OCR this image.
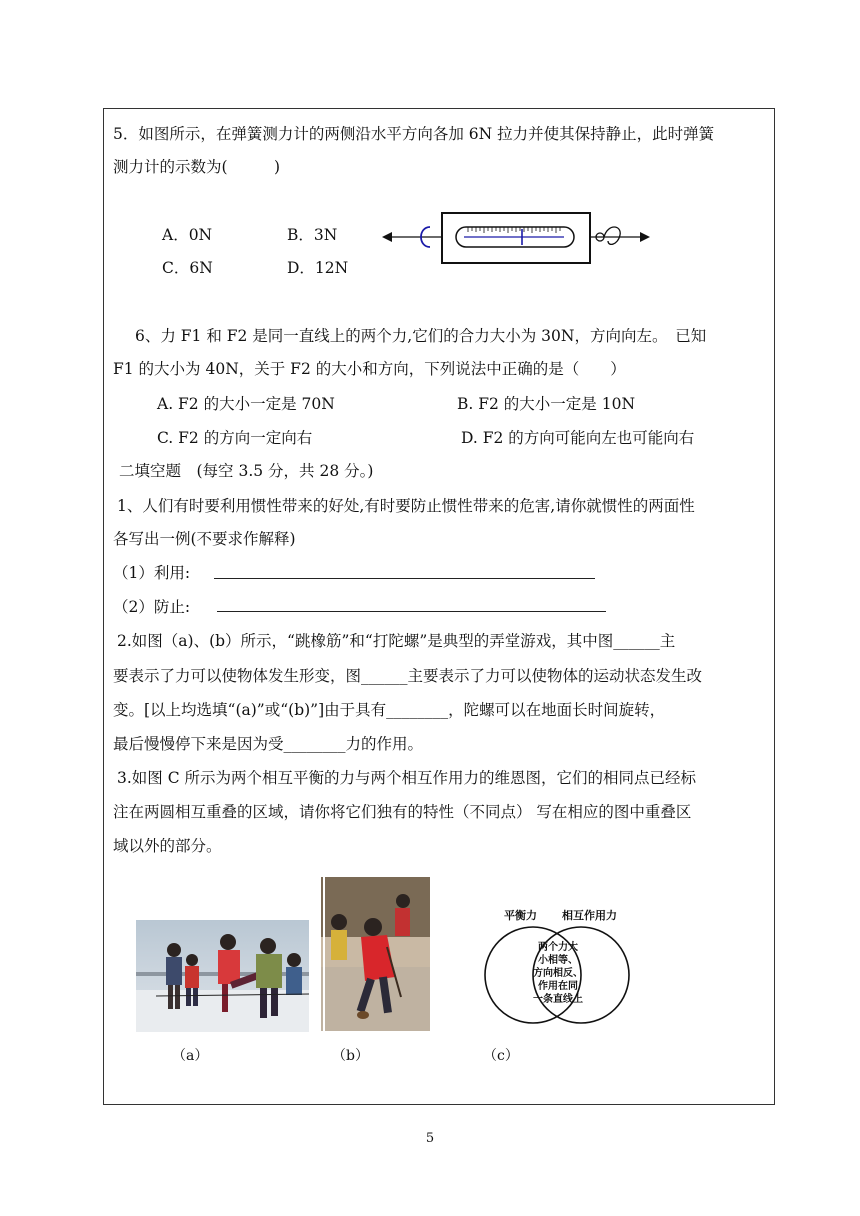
5．如图所示，在弹簧测力计的两侧沿水平方向各加 6N 拉力并使其保持静止，此时弹簧
测力计的示数为(　　　)
A．0N	B．3N
C．6N	D．12N
6、力 F1 和 F2 是同一直线上的两个力,它们的合力大小为 30N，方向向左。　已知
F1 的大小为 40N，关于 F2 的大小和方向，下列说法中正确的是（　　）
A. F2 的大小一定是 70N	B. F2 的大小一定是 10N
C. F2 的方向一定向右	D. F2 的方向可能向左也可能向右
二填空题　(每空 3.5 分，共 28 分。)
1、人们有时要利用惯性带来的好处,有时要防止惯性带来的危害,请你就惯性的两面性
各写出一例(不要求作解释)
（1）利用:
（2）防止:
2.如图（a)、(b）所示，“跳橡筋”和“打陀螺”是典型的弄堂游戏，其中图______主
要表示了力可以使物体发生形变，图______主要表示了力可以使物体的运动状态发生改
变。[以上均选填“(a)”或“(b)”]由于具有________，陀螺可以在地面长时间旋转，
最后慢慢停下来是因为受________力的作用。
3.如图 C 所示为两个相互平衡的力与两个相互作用力的维恩图，它们的相同点已经标
注在两圆相互重叠的区域，请你将它们独有的特性（不同点） 写在相应的图中重叠区
域以外的部分。
平衡力 相互作用力
两个力大
小相等、
方向相反、
作用在同
一条直线上
（a）	（b）	（c）
5
